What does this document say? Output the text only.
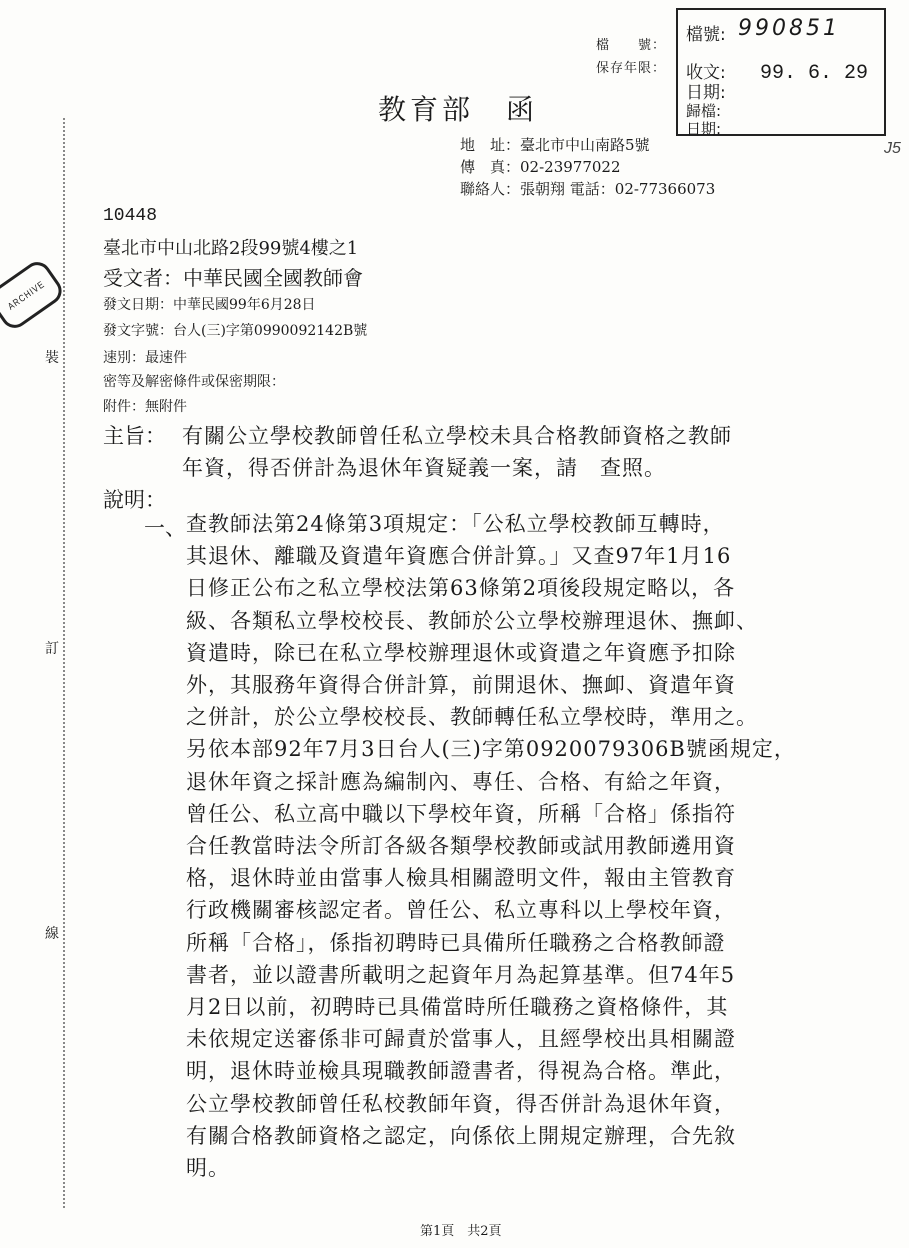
裝
訂
線
ARCHIVE
檔　　號：
保存年限：
檔號: 990851
收文:
日期:
99. 6. 29
歸檔:
日期:
教育部　函
地　址：臺北市中山南路5號
傳　真：02-23977022
聯絡人：張朝翔 電話：02-77366073
J5
10448
臺北市中山北路2段99號4樓之1
受文者：中華民國全國教師會
發文日期：中華民國99年6月28日
發文字號：台人(三)字第0990092142B號
速別：最速件
密等及解密條件或保密期限：
附件：無附件
主旨： 有關公立學校教師曾任私立學校未具合格教師資格之教師
年資，得否併計為退休年資疑義一案，請　查照。
說明：
一、 查教師法第24條第3項規定：「公私立學校教師互轉時，
其退休、離職及資遣年資應合併計算。」又查97年1月16
日修正公布之私立學校法第63條第2項後段規定略以，各
級、各類私立學校校長、教師於公立學校辦理退休、撫卹、
資遣時，除已在私立學校辦理退休或資遣之年資應予扣除
外，其服務年資得合併計算，前開退休、撫卹、資遣年資
之併計，於公立學校校長、教師轉任私立學校時，準用之。
另依本部92年7月3日台人(三)字第0920079306B號函規定，
退休年資之採計應為編制內、專任、合格、有給之年資，
曾任公、私立高中職以下學校年資，所稱「合格」係指符
合任教當時法令所訂各級各類學校教師或試用教師遴用資
格，退休時並由當事人檢具相關證明文件，報由主管教育
行政機關審核認定者。曾任公、私立專科以上學校年資，
所稱「合格」，係指初聘時已具備所任職務之合格教師證
書者，並以證書所載明之起資年月為起算基準。但74年5
月2日以前，初聘時已具備當時所任職務之資格條件，其
未依規定送審係非可歸責於當事人，且經學校出具相關證
明，退休時並檢具現職教師證書者，得視為合格。準此，
公立學校教師曾任私校教師年資，得否併計為退休年資，
有關合格教師資格之認定，向係依上開規定辦理，合先敘
明。
第1頁　共2頁
